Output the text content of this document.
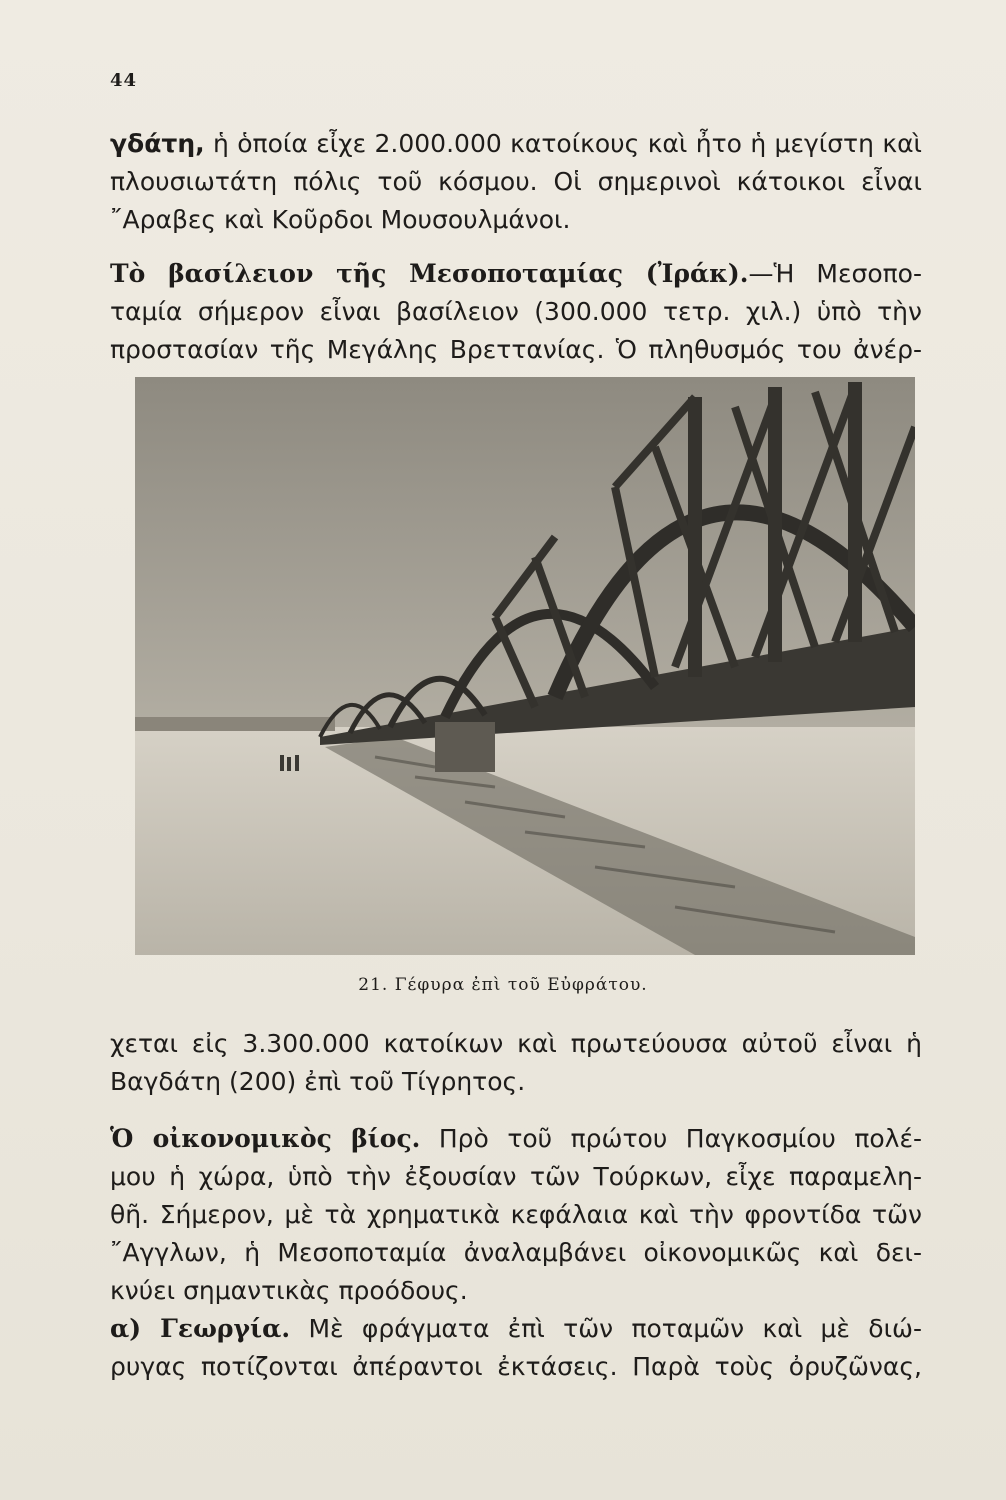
44
γδάτη, ἡ ὁποία εἶχε 2.000.000 κατοίκους καὶ ἦτο ἡ μεγίστη καὶ
πλουσιωτάτη πόλις τοῦ κόσμου. Οἱ σημερινοὶ κάτοικοι εἶναι
῎Αραβες καὶ Κοῦρδοι Μουσουλμάνοι.
Τὸ βασίλειον τῆς Μεσοποταμίας (Ἰράκ).—Ἡ Μεσοπο-
ταμία σήμερον εἶναι βασίλειον (300.000 τετρ. χιλ.) ὑπὸ τὴν
προστασίαν τῆς Μεγάλης Βρεττανίας. Ὁ πληθυσμός του ἀνέρ-
21. Γέφυρα ἐπὶ τοῦ Εὐφράτου.
χεται εἰς 3.300.000 κατοίκων καὶ πρωτεύουσα αὐτοῦ εἶναι ἡ
Βαγδάτη (200) ἐπὶ τοῦ Τίγρητος.
Ὁ οἰκονομικὸς βίος. Πρὸ τοῦ πρώτου Παγκοσμίου πολέ-
μου ἡ χώρα, ὑπὸ τὴν ἐξουσίαν τῶν Τούρκων, εἶχε παραμελη-
θῆ. Σήμερον, μὲ τὰ χρηματικὰ κεφάλαια καὶ τὴν φροντίδα τῶν
῎Αγγλων, ἡ Μεσοποταμία ἀναλαμβάνει οἰκονομικῶς καὶ δει-
κνύει σημαντικὰς προόδους.
α) Γεωργία. Μὲ φράγματα ἐπὶ τῶν ποταμῶν καὶ μὲ διώ-
ρυγας ποτίζονται ἀπέραντοι ἐκτάσεις. Παρὰ τοὺς ὀρυζῶνας,
